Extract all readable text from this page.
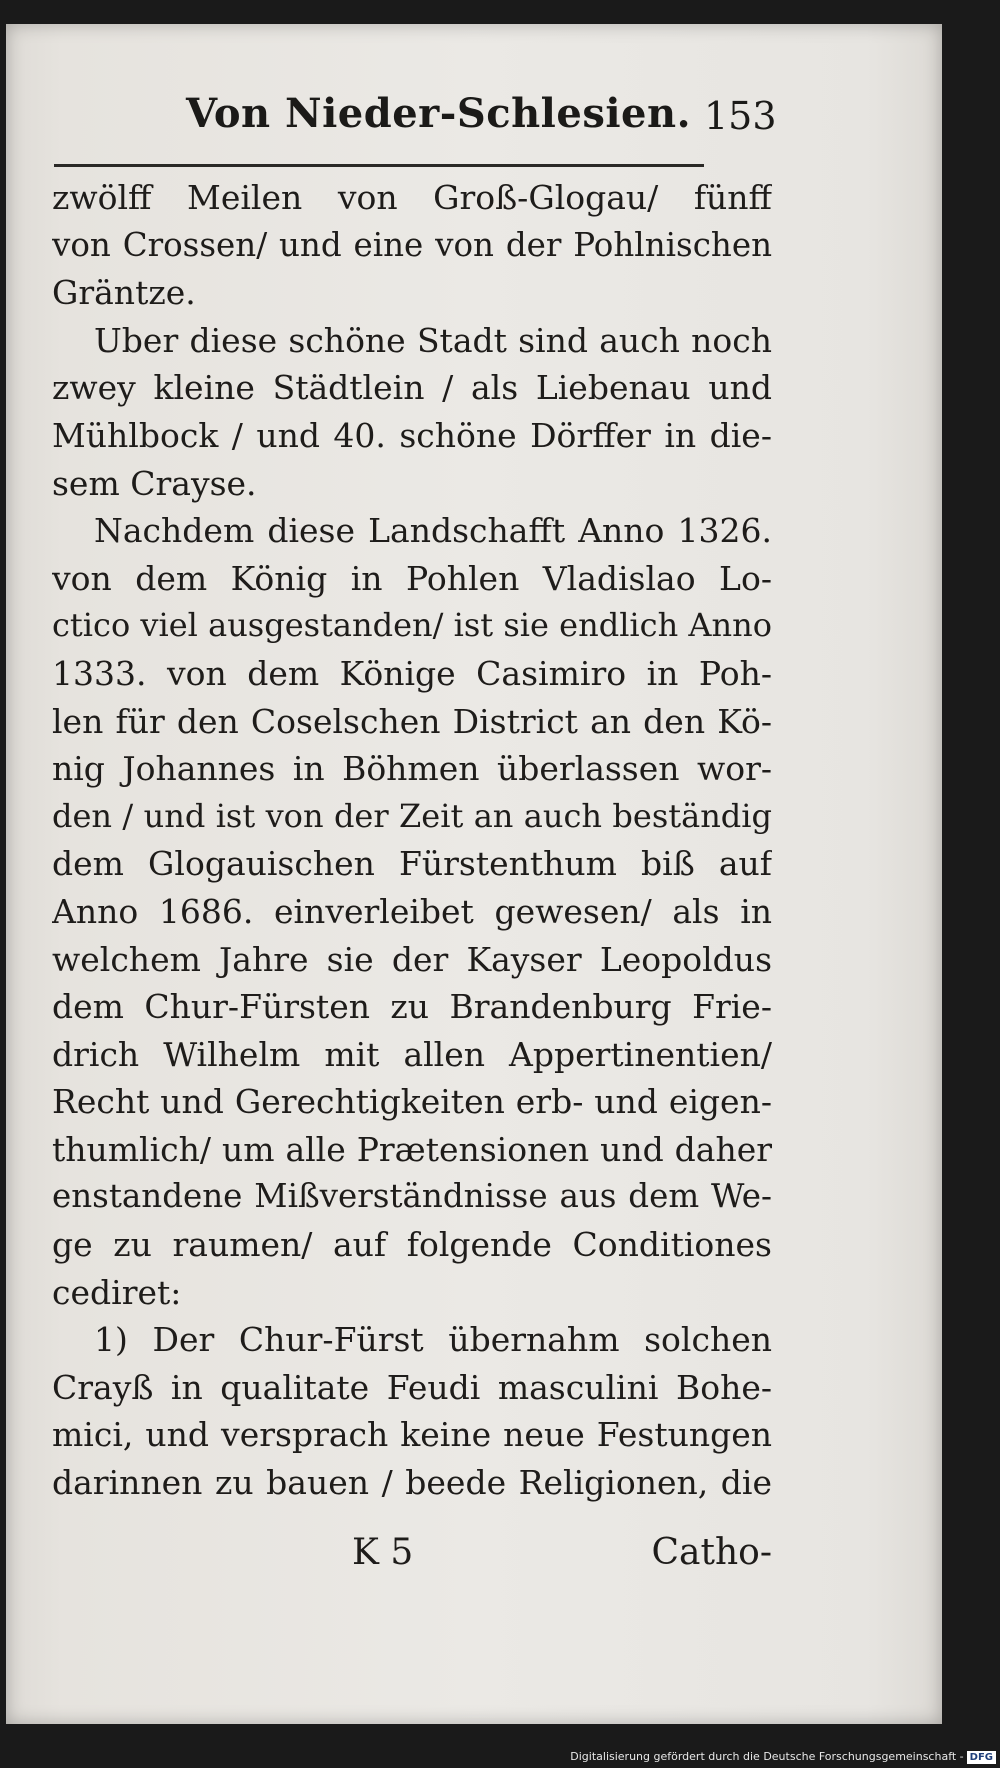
Von Nieder-Schlesien. 153
zwölff Meilen von Groß-Glogau/ fünff
von Crossen/ und eine von der Pohlnischen
Gräntze.
Uber diese schöne Stadt sind auch noch
zwey kleine Städtlein / als Liebenau und
Mühlbock / und 40. schöne Dörffer in die-
sem Crayse.
Nachdem diese Landschafft Anno 1326.
von dem König in Pohlen Vladislao Lo-
ctico viel ausgestanden/ ist sie endlich Anno
1333. von dem Könige Casimiro in Poh-
len für den Coselschen District an den Kö-
nig Johannes in Böhmen überlassen wor-
den / und ist von der Zeit an auch beständig
dem Glogauischen Fürstenthum biß auf
Anno 1686. einverleibet gewesen/ als in
welchem Jahre sie der Kayser Leopoldus
dem Chur-Fürsten zu Brandenburg Frie-
drich Wilhelm mit allen Appertinentien/
Recht und Gerechtigkeiten erb- und eigen-
thumlich/ um alle Prætensionen und daher
enstandene Mißverständnisse aus dem We-
ge zu raumen/ auf folgende Conditiones
cediret:
1) Der Chur-Fürst übernahm solchen
Crayß in qualitate Feudi masculini Bohe-
mici, und versprach keine neue Festungen
darinnen zu bauen / beede Religionen, die
K 5	Catho-
Digitalisierung gefördert durch die Deutsche Forschungsgemeinschaft - DFG
